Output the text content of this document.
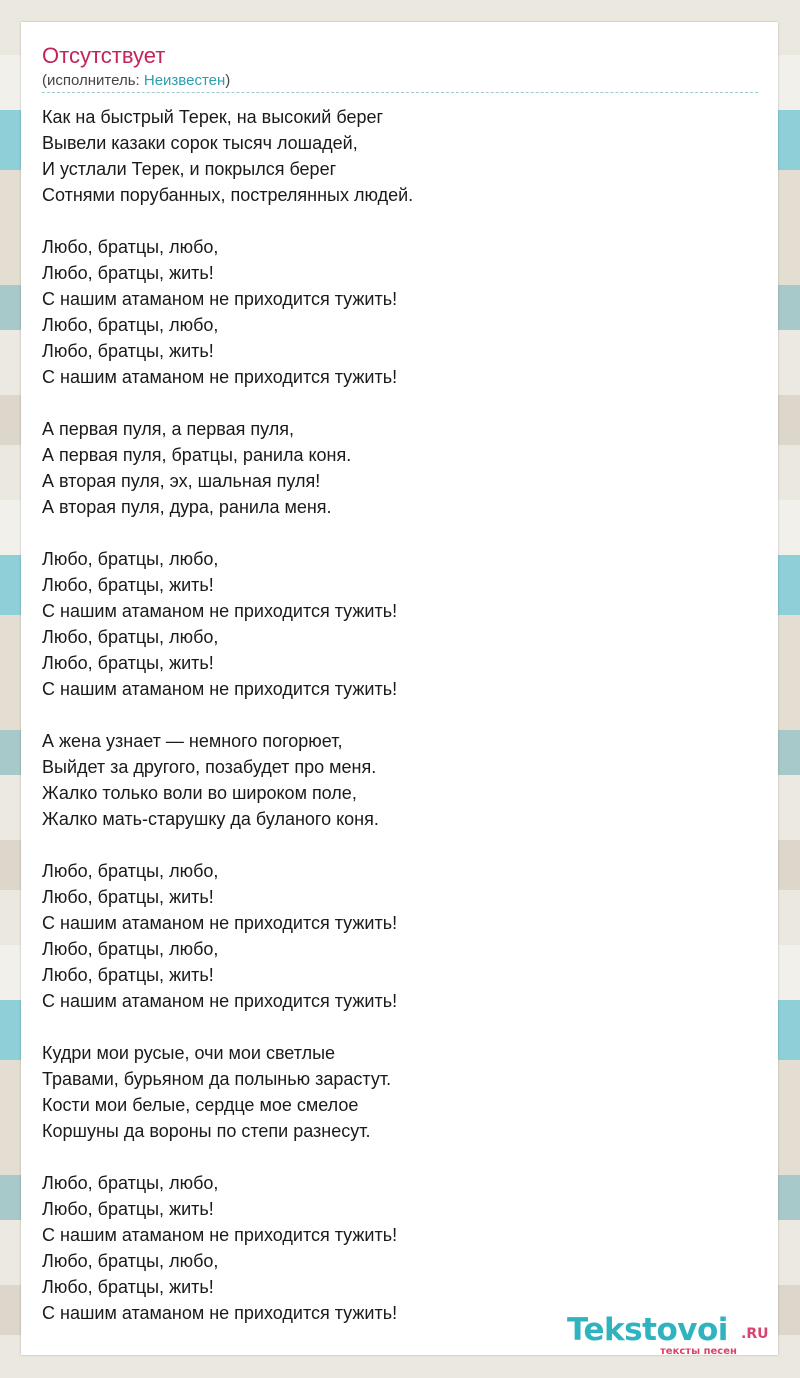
Отсутствует
(исполнитель: Неизвестен)
Как на быстрый Терек, на высокий берег
Вывели казаки сорок тысяч лошадей,
И устлали Терек, и покрылся берег
Сотнями порубанных, пострелянных людей.
Любо, братцы, любо,
Любо, братцы, жить!
С нашим атаманом не приходится тужить!
Любо, братцы, любо,
Любо, братцы, жить!
С нашим атаманом не приходится тужить!
А первая пуля, а первая пуля,
А первая пуля, братцы, ранила коня.
А вторая пуля, эх, шальная пуля!
А вторая пуля, дура, ранила меня.
Любо, братцы, любо,
Любо, братцы, жить!
С нашим атаманом не приходится тужить!
Любо, братцы, любо,
Любо, братцы, жить!
С нашим атаманом не приходится тужить!
А жена узнает — немного погорюет,
Выйдет за другого, позабудет про меня.
Жалко только воли во широком поле,
Жалко мать-старушку да буланого коня.
Любо, братцы, любо,
Любо, братцы, жить!
С нашим атаманом не приходится тужить!
Любо, братцы, любо,
Любо, братцы, жить!
С нашим атаманом не приходится тужить!
Кудри мои русые, очи мои светлые
Травами, бурьяном да полынью зарастут.
Кости мои белые, сердце мое смелое
Коршуны да вороны по степи разнесут.
Любо, братцы, любо,
Любо, братцы, жить!
С нашим атаманом не приходится тужить!
Любо, братцы, любо,
Любо, братцы, жить!
С нашим атаманом не приходится тужить!	Tekstovoi .RU
тексты песен
